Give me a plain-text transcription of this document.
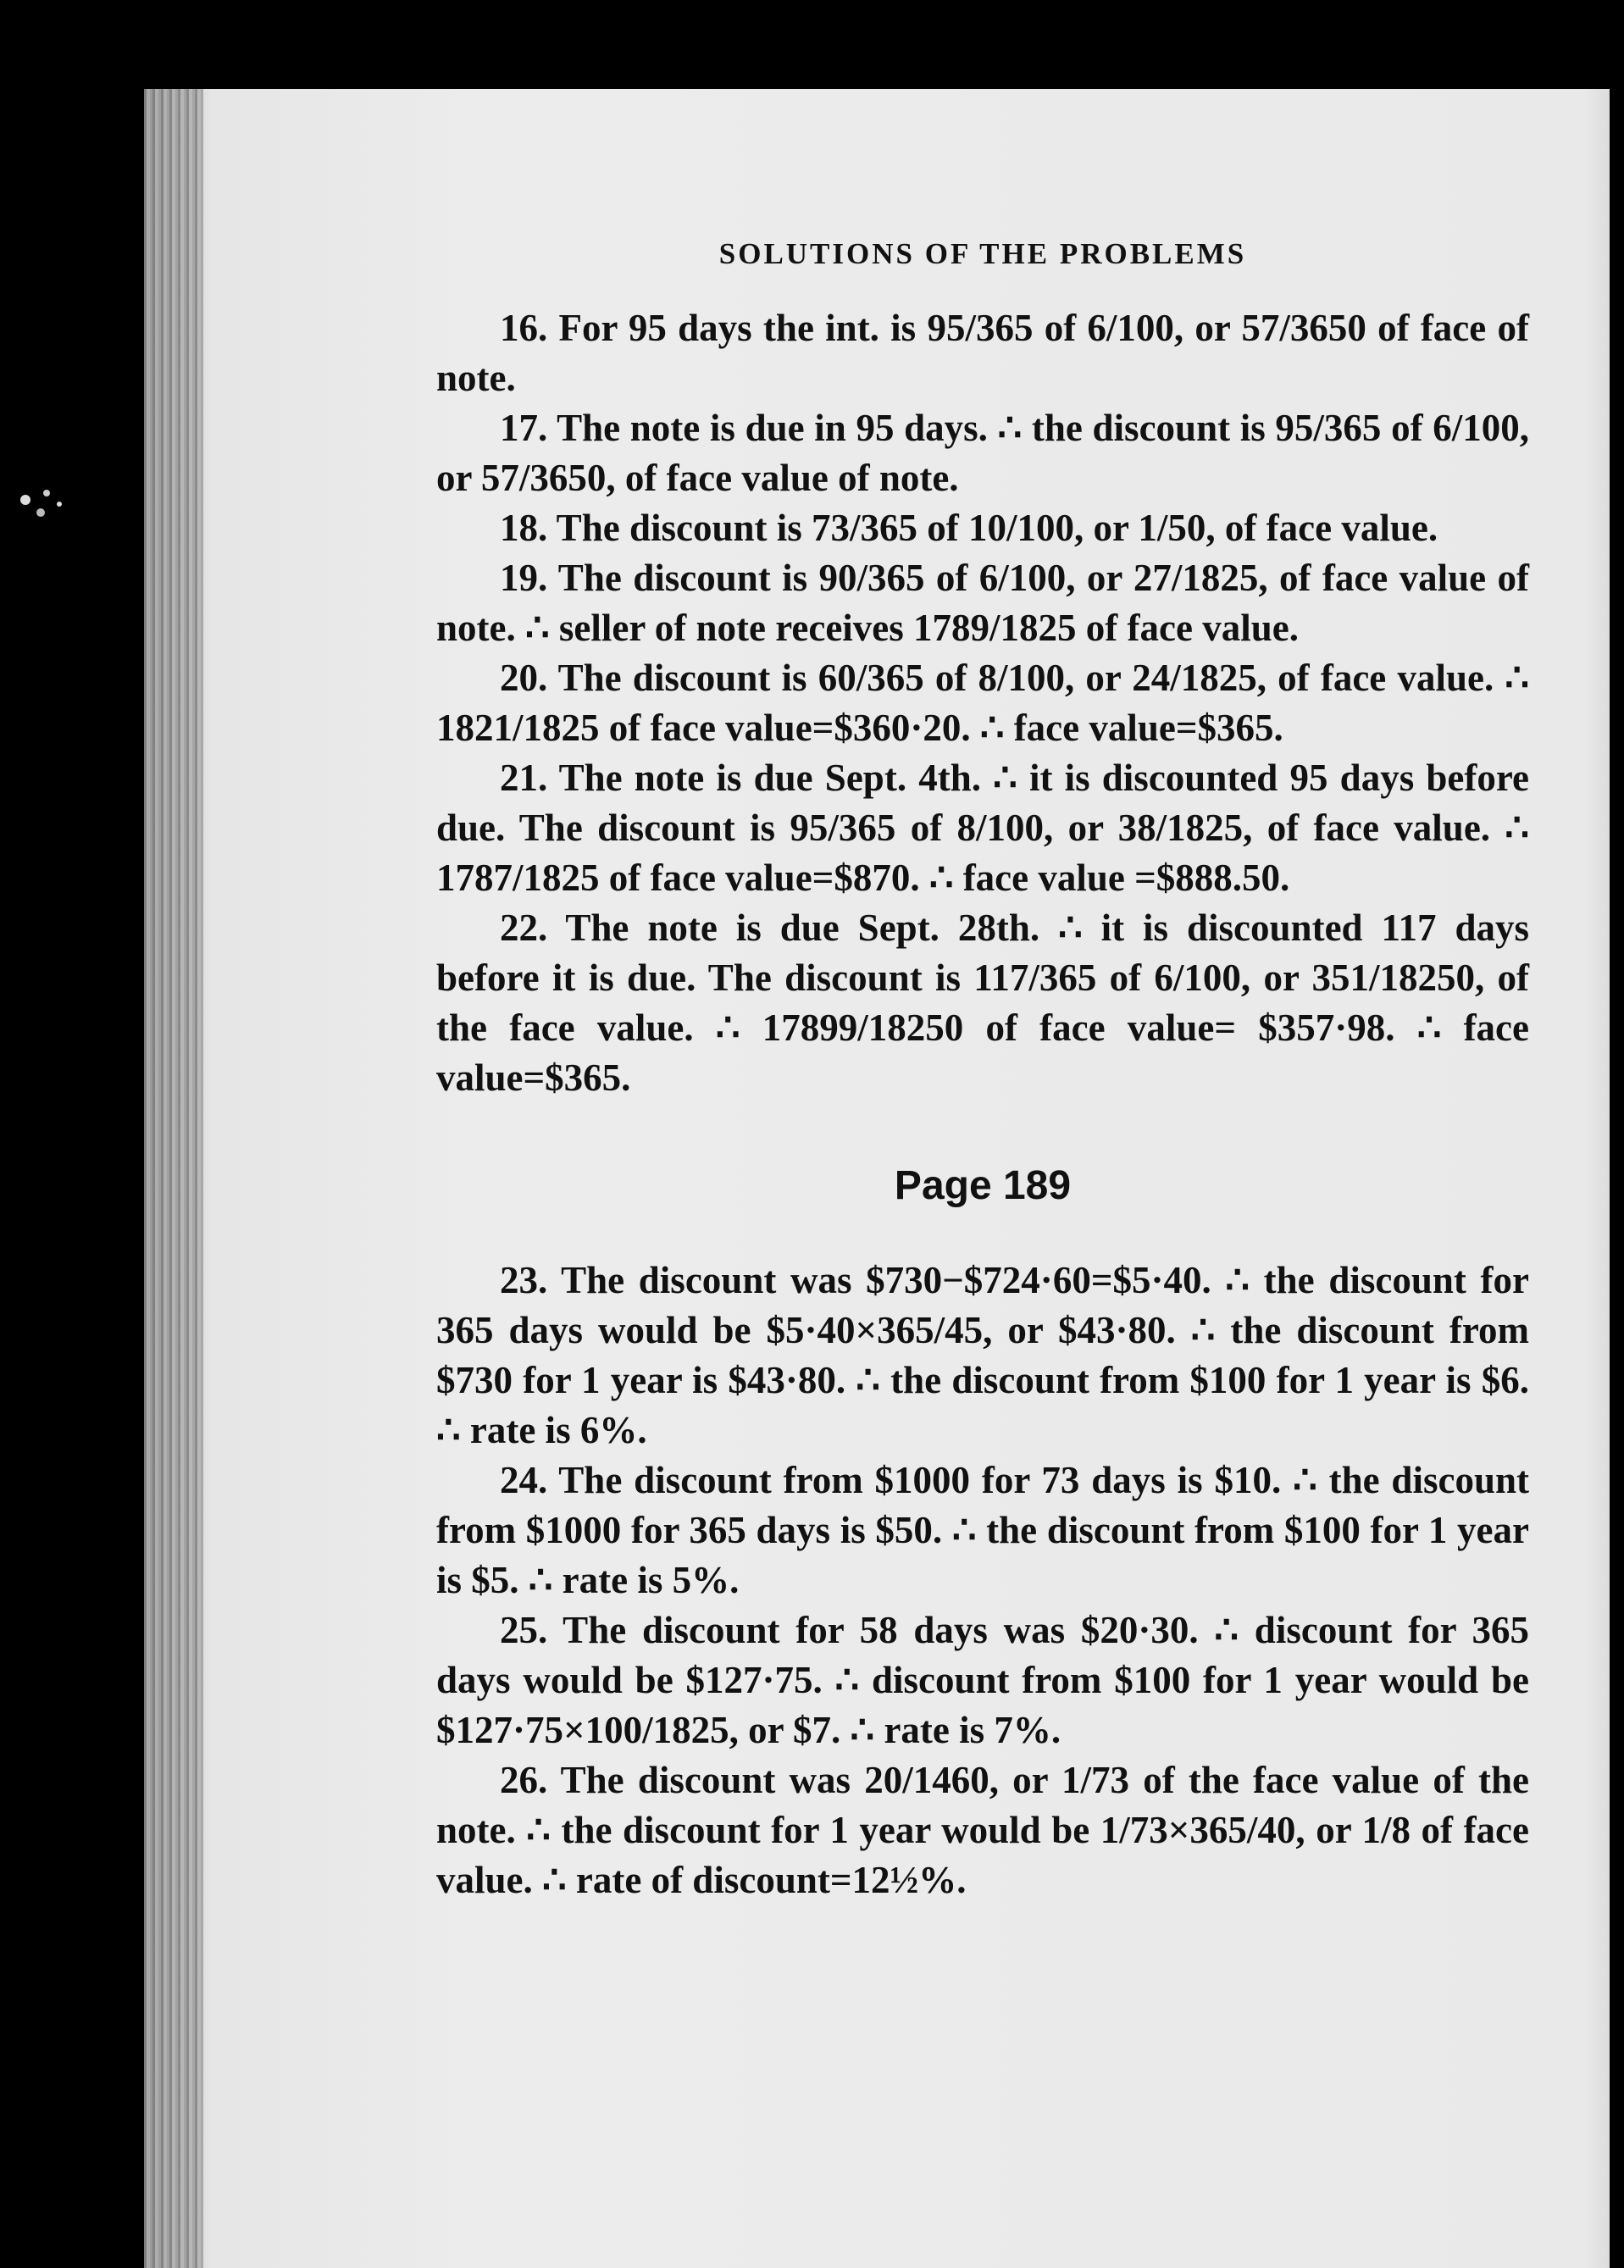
SOLUTIONS OF THE PROBLEMS

16. For 95 days the int. is 95/365 of 6/100, or 57/3650 of face of note.

17. The note is due in 95 days. ∴ the discount is 95/365 of 6/100, or 57/3650, of face value of note.

18. The discount is 73/365 of 10/100, or 1/50, of face value.

19. The discount is 90/365 of 6/100, or 27/1825, of face value of note. ∴ seller of note receives 1789/1825 of face value.

20. The discount is 60/365 of 8/100, or 24/1825, of face value. ∴ 1821/1825 of face value=$360·20. ∴ face value=$365.

21. The note is due Sept. 4th. ∴ it is discounted 95 days before due. The discount is 95/365 of 8/100, or 38/1825, of face value. ∴ 1787/1825 of face value=$870. ∴ face value =$888.50.

22. The note is due Sept. 28th. ∴ it is discounted 117 days before it is due. The discount is 117/365 of 6/100, or 351/18250, of the face value. ∴ 17899/18250 of face value= $357·98. ∴ face value=$365.

Page 189

23. The discount was $730−$724·60=$5·40. ∴ the discount for 365 days would be $5·40×365/45, or $43·80. ∴ the discount from $730 for 1 year is $43·80. ∴ the discount from $100 for 1 year is $6. ∴ rate is 6%.

24. The discount from $1000 for 73 days is $10. ∴ the discount from $1000 for 365 days is $50. ∴ the discount from $100 for 1 year is $5. ∴ rate is 5%.

25. The discount for 58 days was $20·30. ∴ discount for 365 days would be $127·75. ∴ discount from $100 for 1 year would be $127·75×100/1825, or $7. ∴ rate is 7%.

26. The discount was 20/1460, or 1/73 of the face value of the note. ∴ the discount for 1 year would be 1/73×365/40, or 1/8 of face value. ∴ rate of discount=12½%.
